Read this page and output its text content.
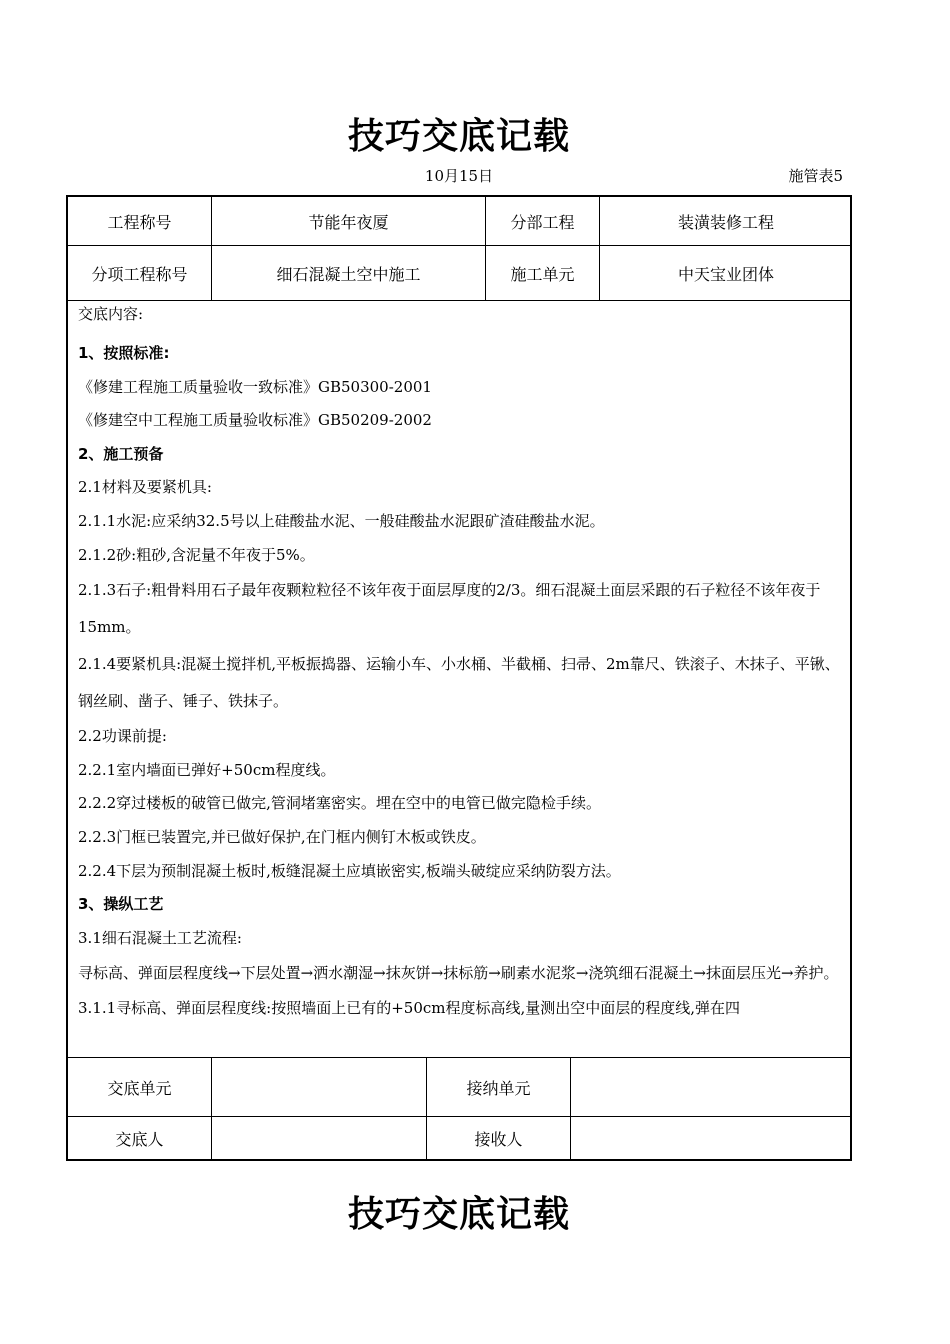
技巧交底记载
10月15日	施管表5
工程称号	节能年夜厦	分部工程	装潢装修工程
分项工程称号	细石混凝土空中施工	施工单元	中天宝业团体

交底内容:

1、按照标准:

《修建工程施工质量验收一致标准》GB50300-2001

《修建空中工程施工质量验收标准》GB50209-2002

2、施工预备

2.1材料及要紧机具:

2.1.1水泥:应采纳32.5号以上硅酸盐水泥、一般硅酸盐水泥跟矿渣硅酸盐水泥。

2.1.2砂:粗砂,含泥量不年夜于5%。

2.1.3石子:粗骨料用石子最年夜颗粒粒径不该年夜于面层厚度的2/3。细石混凝土面层采跟的石子粒径不该年夜于15mm。

2.1.4要紧机具:混凝土搅拌机,平板振捣器、运输小车、小水桶、半截桶、扫帚、2m靠尺、铁滚子、木抹子、平锹、钢丝刷、凿子、锤子、铁抹子。

2.2功课前提:

2.2.1室内墙面已弹好+50cm程度线。

2.2.2穿过楼板的破管已做完,管洞堵塞密实。埋在空中的电管已做完隐检手续。

2.2.3门框已装置完,并已做好保护,在门框内侧钉木板或铁皮。

2.2.4下层为预制混凝土板时,板缝混凝土应填嵌密实,板端头破绽应采纳防裂方法。

3、操纵工艺

3.1细石混凝土工艺流程:

寻标高、弹面层程度线→下层处置→洒水潮湿→抹灰饼→抹标筋→刷素水泥浆→浇筑细石混凝土→抹面层压光→养护。

3.1.1寻标高、弹面层程度线:按照墙面上已有的+50cm程度标高线,量测出空中面层的程度线,弹在四

交底单元	接纳单元
交底人	接收人
技巧交底记载
